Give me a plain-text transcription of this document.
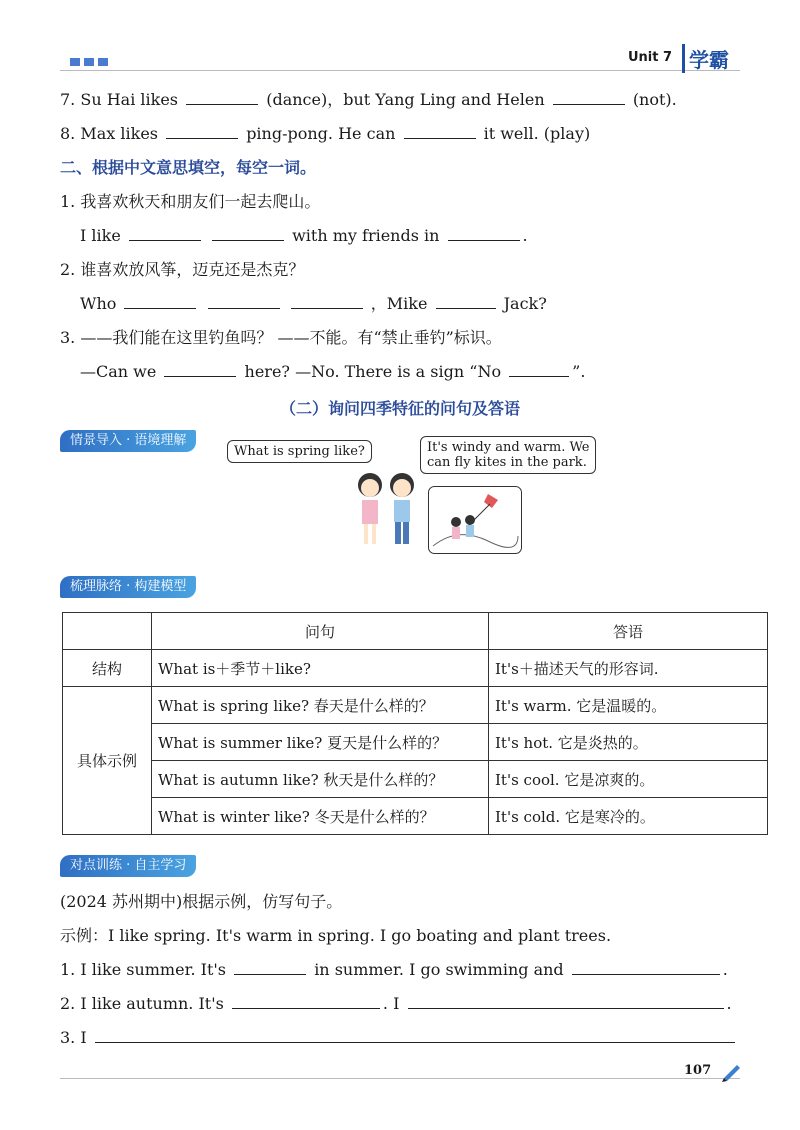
Unit 7 学霸
7. Su Hai likes	(dance)，but Yang Ling and Helen	(not).
8. Max likes	ping-pong. He can	it well. (play)
二、根据中文意思填空，每空一词。
1. 我喜欢秋天和朋友们一起去爬山。
I like	with my friends in	.
2. 谁喜欢放风筝，迈克还是杰克？
Who	，Mike	Jack?
3. ——我们能在这里钓鱼吗？ ——不能。有“禁止垂钓”标识。
—Can we	here? —No. There is a sign “No	”.
（二）询问四季特征的问句及答语
情景导入 · 语境理解
What is spring like?	It's windy and warm. We
can fly kites in the park.
梳理脉络 · 构建模型
	问句	答语
结构	What is＋季节＋like?	It's＋描述天气的形容词.
具体示例	What is spring like? 春天是什么样的？	It's warm. 它是温暖的。
	What is summer like? 夏天是什么样的？	It's hot. 它是炎热的。
	What is autumn like? 秋天是什么样的？	It's cool. 它是凉爽的。
	What is winter like? 冬天是什么样的？	It's cold. 它是寒冷的。
对点训练 · 自主学习
(2024 苏州期中)根据示例，仿写句子。
示例：I like spring. It's warm in spring. I go boating and plant trees.
1. I like summer. It's	in summer. I go swimming and	.
2. I like autumn. It's	. I	.
3. I
107
